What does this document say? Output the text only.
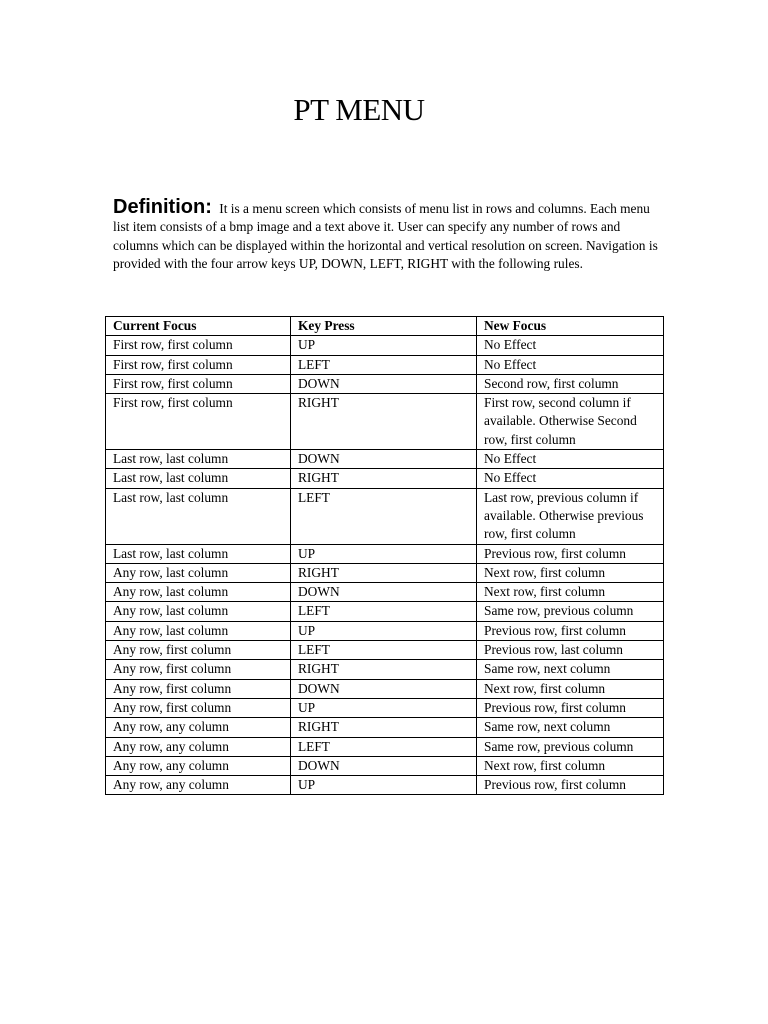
PT MENU

Definition: It is a menu screen which consists of menu list in rows and columns. Each menu list item consists of a bmp image and a text above it. User can specify any number of rows and columns which can be displayed within the horizontal and vertical resolution on screen. Navigation is provided with the four arrow keys UP, DOWN, LEFT, RIGHT with the following rules.

Current Focus	Key Press	New Focus
First row, first column	UP	No Effect
First row, first column	LEFT	No Effect
First row, first column	DOWN	Second row, first column
First row, first column	RIGHT	First row, second column if available. Otherwise Second row, first column
Last row, last column	DOWN	No Effect
Last row, last column	RIGHT	No Effect
Last row, last column	LEFT	Last row, previous column if available. Otherwise previous row, first column
Last row, last column	UP	Previous row, first column
Any row, last column	RIGHT	Next row, first column
Any row, last column	DOWN	Next row, first column
Any row, last column	LEFT	Same row, previous column
Any row, last column	UP	Previous row, first column
Any row, first column	LEFT	Previous row, last column
Any row, first column	RIGHT	Same row, next column
Any row, first column	DOWN	Next row, first column
Any row, first column	UP	Previous row, first column
Any row, any column	RIGHT	Same row, next column
Any row, any column	LEFT	Same row, previous column
Any row, any column	DOWN	Next row, first column
Any row, any column	UP	Previous row, first column
